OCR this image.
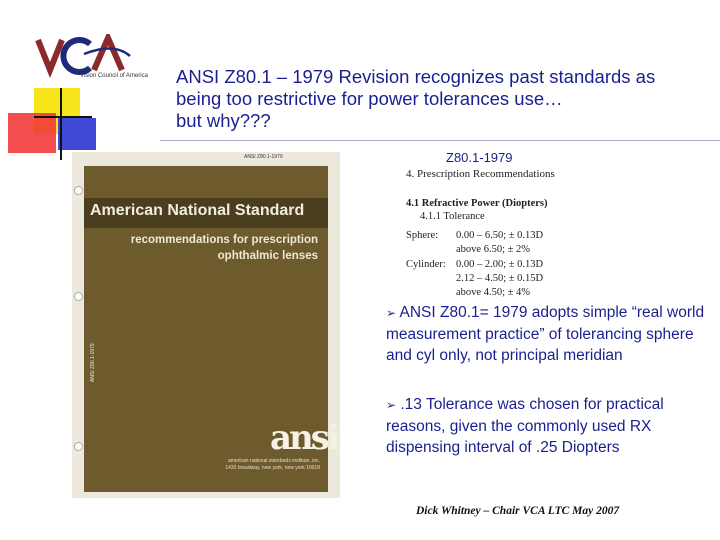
Vision Council of America ANSI Z80.1 – 1979 Revision recognizes past standards as
being too restrictive for power tolerances use…
but why???
ANSI Z80.1-1979
American National Standard
recommendations for prescription
ophthalmic lenses
ANSI Z80.1-1979
ansi
american national standards institute, inc.
1430 broadway, new york, new york 10018
Z80.1-1979
4. Prescription Recommendations
4.1 Refractive Power (Diopters)
4.1.1 Tolerance
Sphere: 0.00 – 6.50; ± 0.13D
above 6.50; ± 2%
Cylinder: 0.00 – 2.00; ± 0.13D
2.12 – 4.50; ± 0.15D
above 4.50; ± 4%
➢ ANSI Z80.1= 1979 adopts simple “real world measurement practice” of tolerancing sphere and cyl only, not principal meridian
➢ .13 Tolerance was chosen for practical reasons, given the commonly used RX dispensing interval of .25 Diopters
Dick Whitney – Chair VCA LTC May 2007
